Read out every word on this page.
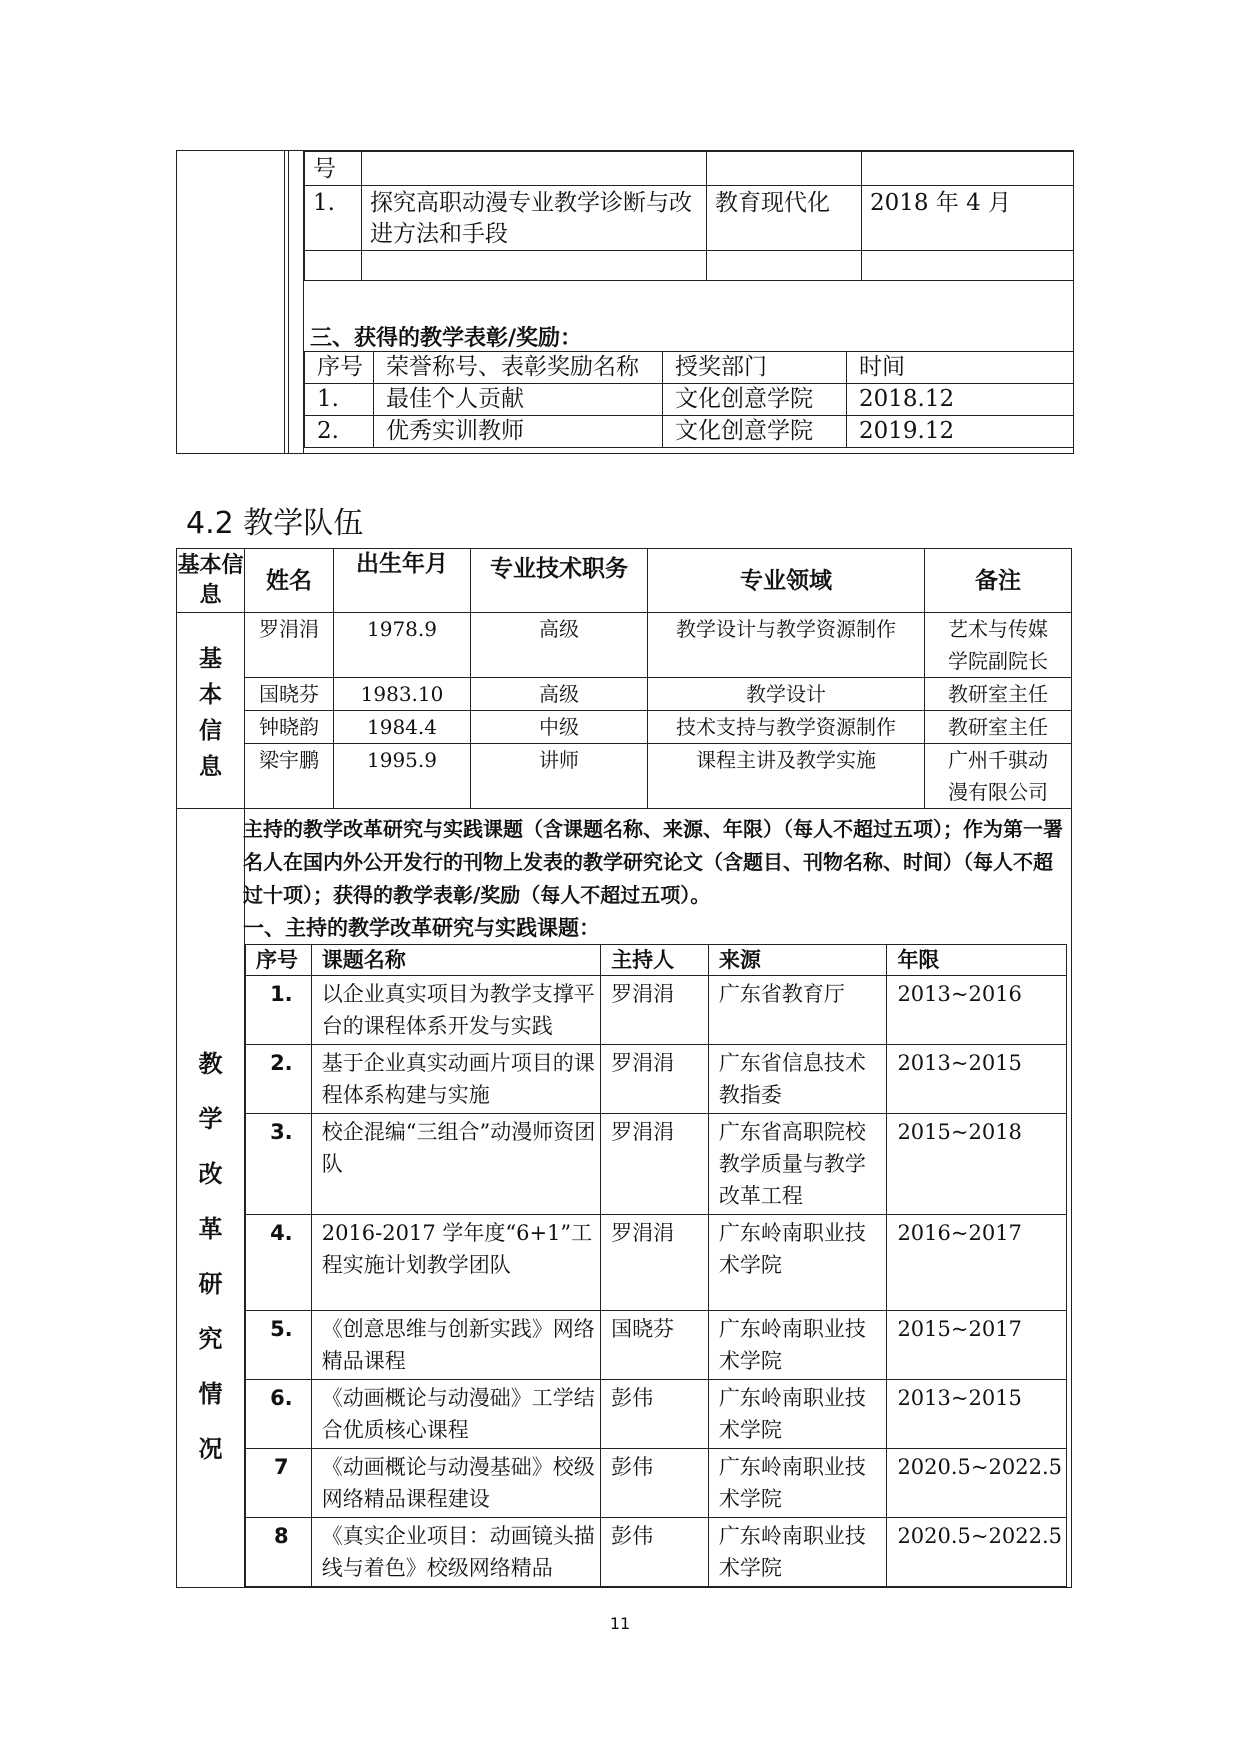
号			
1.	探究高职动漫专业教学诊断与改进方法和手段	教育现代化	2018 年 4 月

三、获得的教学表彰/奖励：
序号	荣誉称号、表彰奖励名称	授奖部门	时间
1.	最佳个人贡献	文化创意学院	2018.12
2.	优秀实训教师	文化创意学院	2019.12
4.2 教学队伍
基本信息	姓名	出生年月	专业技术职务	专业领域	备注
基本信息	罗涓涓	1978.9	高级	教学设计与教学资源制作	艺术与传媒学院副院长
国晓芬	1983.10	高级	教学设计	教研室主任
钟晓韵	1984.4	中级	技术支持与教学资源制作	教研室主任
梁宇鹏	1995.9	讲师	课程主讲及教学实施	广州千骐动漫有限公司
教学改革研究情况	
主持的教学改革研究与实践课题（含课题名称、来源、年限）（每人不超过五项）；作为第一署名人在国内外公开发行的刊物上发表的教学研究论文（含题目、刊物名称、时间）（每人不超过十项）；获得的教学表彰/奖励（每人不超过五项）。
一、主持的教学改革研究与实践课题：
序号	课题名称	主持人	来源	年限
1.	以企业真实项目为教学支撑平台的课程体系开发与实践	罗涓涓	广东省教育厅	2013~2016
2.	基于企业真实动画片项目的课程体系构建与实施	罗涓涓	广东省信息技术教指委	2013~2015
3.	校企混编“三组合”动漫师资团队	罗涓涓	广东省高职院校教学质量与教学改革工程	2015~2018
4.	2016-2017 学年度“6+1”工程实施计划教学团队	罗涓涓	广东岭南职业技术学院	2016~2017
5.	《创意思维与创新实践》网络精品课程	国晓芬	广东岭南职业技术学院	2015~2017
6.	《动画概论与动漫础》工学结合优质核心课程	彭伟	广东岭南职业技术学院	2013~2015
7	《动画概论与动漫基础》校级网络精品课程建设	彭伟	广东岭南职业技术学院	2020.5~2022.5
8	《真实企业项目：动画镜头描线与着色》校级网络精品	彭伟	广东岭南职业技术学院	2020.5~2022.5
11
